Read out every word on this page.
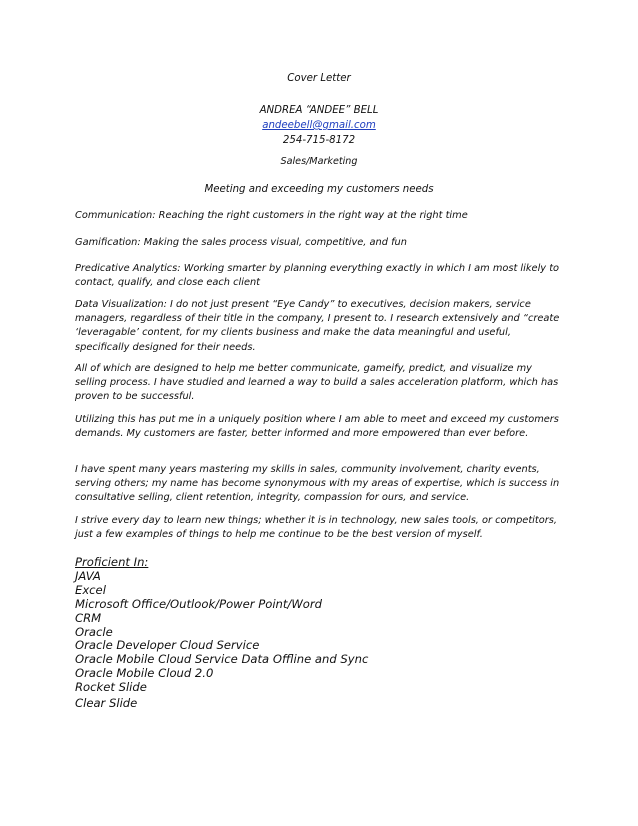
Cover Letter
ANDREA “ANDEE” BELL
andeebell@gmail.com
254-715-8172
Sales/Marketing
Meeting and exceeding my customers needs
Communication: Reaching the right customers in the right way at the right time
Gamification: Making the sales process visual, competitive, and fun
Predicative Analytics: Working smarter by planning everything exactly in which I am most likely to contact, qualify, and close each client
Data Visualization: I do not just present “Eye Candy” to executives, decision makers, service managers, regardless of their title in the company, I present to. I research extensively and “create ‘leveragable’ content, for my clients business and make the data meaningful and useful, specifically designed for their needs.
All of which are designed to help me better communicate, gameify, predict, and visualize my selling process. I have studied and learned a way to build a sales acceleration platform, which has proven to be successful.
Utilizing this has put me in a uniquely position where I am able to meet and exceed my customers demands. My customers are faster, better informed and more empowered than ever before.
I have spent many years mastering my skills in sales, community involvement, charity events, serving others; my name has become synonymous with my areas of expertise, which is success in consultative selling, client retention, integrity, compassion for ours, and service.
I strive every day to learn new things; whether it is in technology, new sales tools, or competitors, just a few examples of things to help me continue to be the best version of myself.
Proficient In:
JAVA
Excel
Microsoft Office/Outlook/Power Point/Word
CRM
Oracle
Oracle Developer Cloud Service
Oracle Mobile Cloud Service Data Offline and Sync
Oracle Mobile Cloud 2.0
Rocket Slide
Clear Slide
